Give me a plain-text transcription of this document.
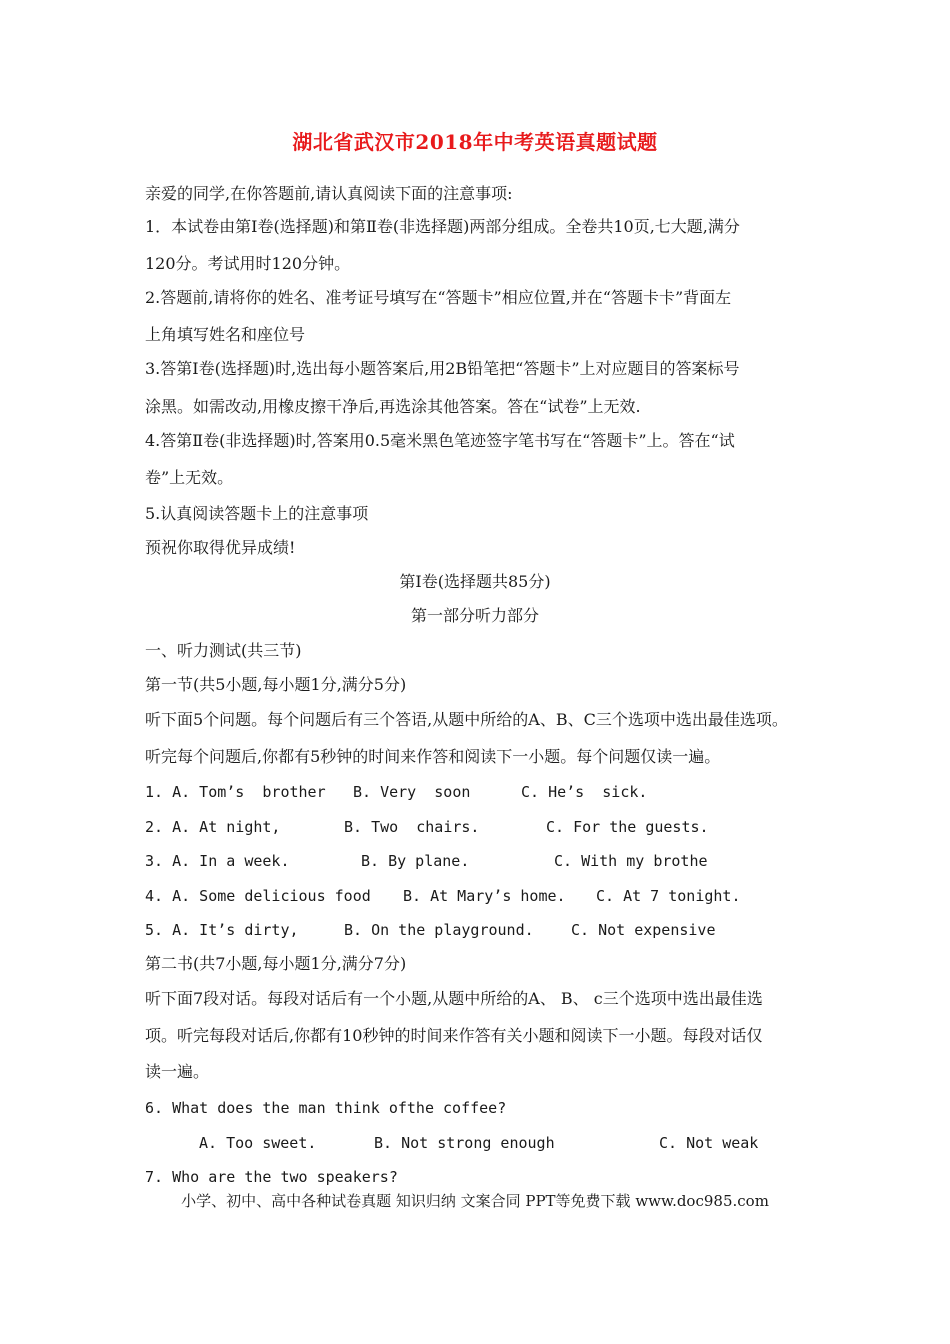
湖北省武汉市2018年中考英语真题试题
亲爱的同学,在你答题前,请认真阅读下面的注意事项:
1．本试卷由第Ⅰ卷(选择题)和第Ⅱ卷(非选择题)两部分组成。全卷共10页,七大题,满分
120分。考试用时120分钟。
2.答题前,请将你的姓名、准考证号填写在“答题卡”相应位置,并在“答题卡卡”背面左
上角填写姓名和座位号
3.答第Ⅰ卷(选择题)时,选出每小题答案后,用2B铅笔把“答题卡”上对应题目的答案标号
涂黑。如需改动,用橡皮擦干净后,再选涂其他答案。答在“试卷”上无效.
4.答第Ⅱ卷(非选择题)时,答案用0.5毫米黑色笔迹签字笔书写在“答题卡”上。答在“试
卷”上无效。
5.认真阅读答题卡上的注意事项
预祝你取得优异成绩!
第Ⅰ卷(选择题共85分)
第一部分听力部分
一、听力测试(共三节)
第一节(共5小题,每小题1分,满分5分)
听下面5个问题。每个问题后有三个答语,从题中所给的A、B、C三个选项中选出最佳选项。
听完每个问题后,你都有5秒钟的时间来作答和阅读下一小题。每个问题仅读一遍。
1. A. Tom’s  brother B. Very  soon	C. He’s  sick.
2. A. At night,	B. Two  chairs.	C. For the guests.
3. A. In a week.	B. By plane.	C. With my brothe
4. A. Some delicious food B. At Mary’s home. C. At 7 tonight.
5. A. It’s dirty,	B. On the playground. C. Not expensive
第二书(共7小题,每小题1分,满分7分)
听下面7段对话。每段对话后有一个小题,从题中所给的A、 B、 c三个选项中选出最佳选
项。听完每段对话后,你都有10秒钟的时间来作答有关小题和阅读下一小题。每段对话仅
读一遍。
6. What does the man think ofthe coffee?
A. Too sweet.	B. Not strong enough	C. Not weak
7. Who are the two speakers?
小学、初中、高中各种试卷真题 知识归纳 文案合同 PPT等免费下载 www.doc985.com
